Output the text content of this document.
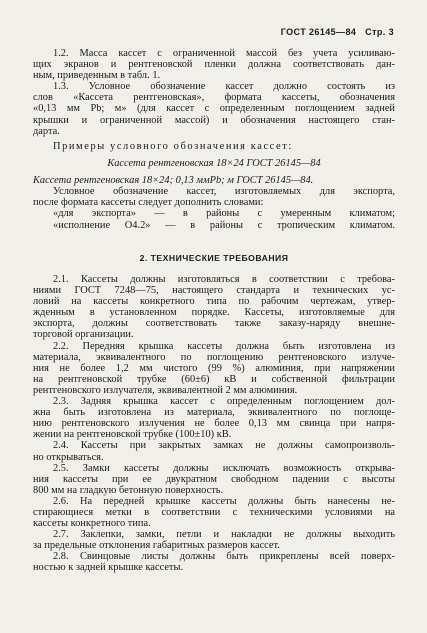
ГОСТ 26145—84 Стр. 3
1.2. Масса кассет с ограниченной массой без учета усиливаю-
щих экранов и рентгеновской пленки должна соответствовать дан-
ным, приведенным в табл. 1.
1.3. Условное обозначение кассет должно состоять из
слов «Кассета рентгеновская», формата кассеты, обозначения
«0,13 мм Pb; м» (для кассет с определенным поглощением задней
крышки и ограниченной массой) и обозначения настоящего стан-
дарта.
Примеры условного обозначения кассет:
Кассета рентгеновская 18×24 ГОСТ 26145—84
Кассета рентгеновская 18×24; 0,13 ммPb; м ГОСТ 26145—84.
Условное обозначение кассет, изготовляемых для экспорта,
после формата кассеты следует дополнить словами:
«для экспорта» — в районы с умеренным климатом;
«исполнение О4.2» — в районы с тропическим климатом.
2. ТЕХНИЧЕСКИЕ ТРЕБОВАНИЯ
2.1. Кассеты должны изготовляться в соответствии с требова-
ниями ГОСТ 7248—75, настоящего стандарта и технических ус-
ловий на кассеты конкретного типа по рабочим чертежам, утвер-
жденным в установленном порядке. Кассеты, изготовляемые для
экспорта, должны соответствовать также заказу-наряду внешне-
торговой организации.
2.2. Передняя крышка кассеты должна быть изготовлена из
материала, эквивалентного по поглощению рентгеновского излуче-
ния не более 1,2 мм чистого (99 %) алюминия, при напряжении
на рентгеновской трубке (60±6) кВ и собственной фильтрации
рентгеновского излучателя, эквивалентной 2 мм алюминия.
2.3. Задняя крышка кассет с определенным поглощением дол-
жна быть изготовлена из материала, эквивалентного по поглоще-
нию рентгеновского излучения не более 0,13 мм свинца при напря-
жении на рентгеновской трубке (100±10) кВ.
2.4. Кассеты при закрытых замках не должны самопроизволь-
но открываться.
2.5. Замки кассеты должны исключать возможность открыва-
ния кассеты при ее двукратном свободном падении с высоты
800 мм на гладкую бетонную поверхность.
2.6. На передней крышке кассеты должны быть нанесены не-
стирающиеся метки в соответствии с техническими условиями на
кассеты конкретного типа.
2.7. Заклепки, замки, петли и накладки не должны выходить
за предельные отклонения габаритных размеров кассет.
2.8. Свинцовые листы должны быть прикреплены всей поверх-
ностью к задней крышке кассеты.
